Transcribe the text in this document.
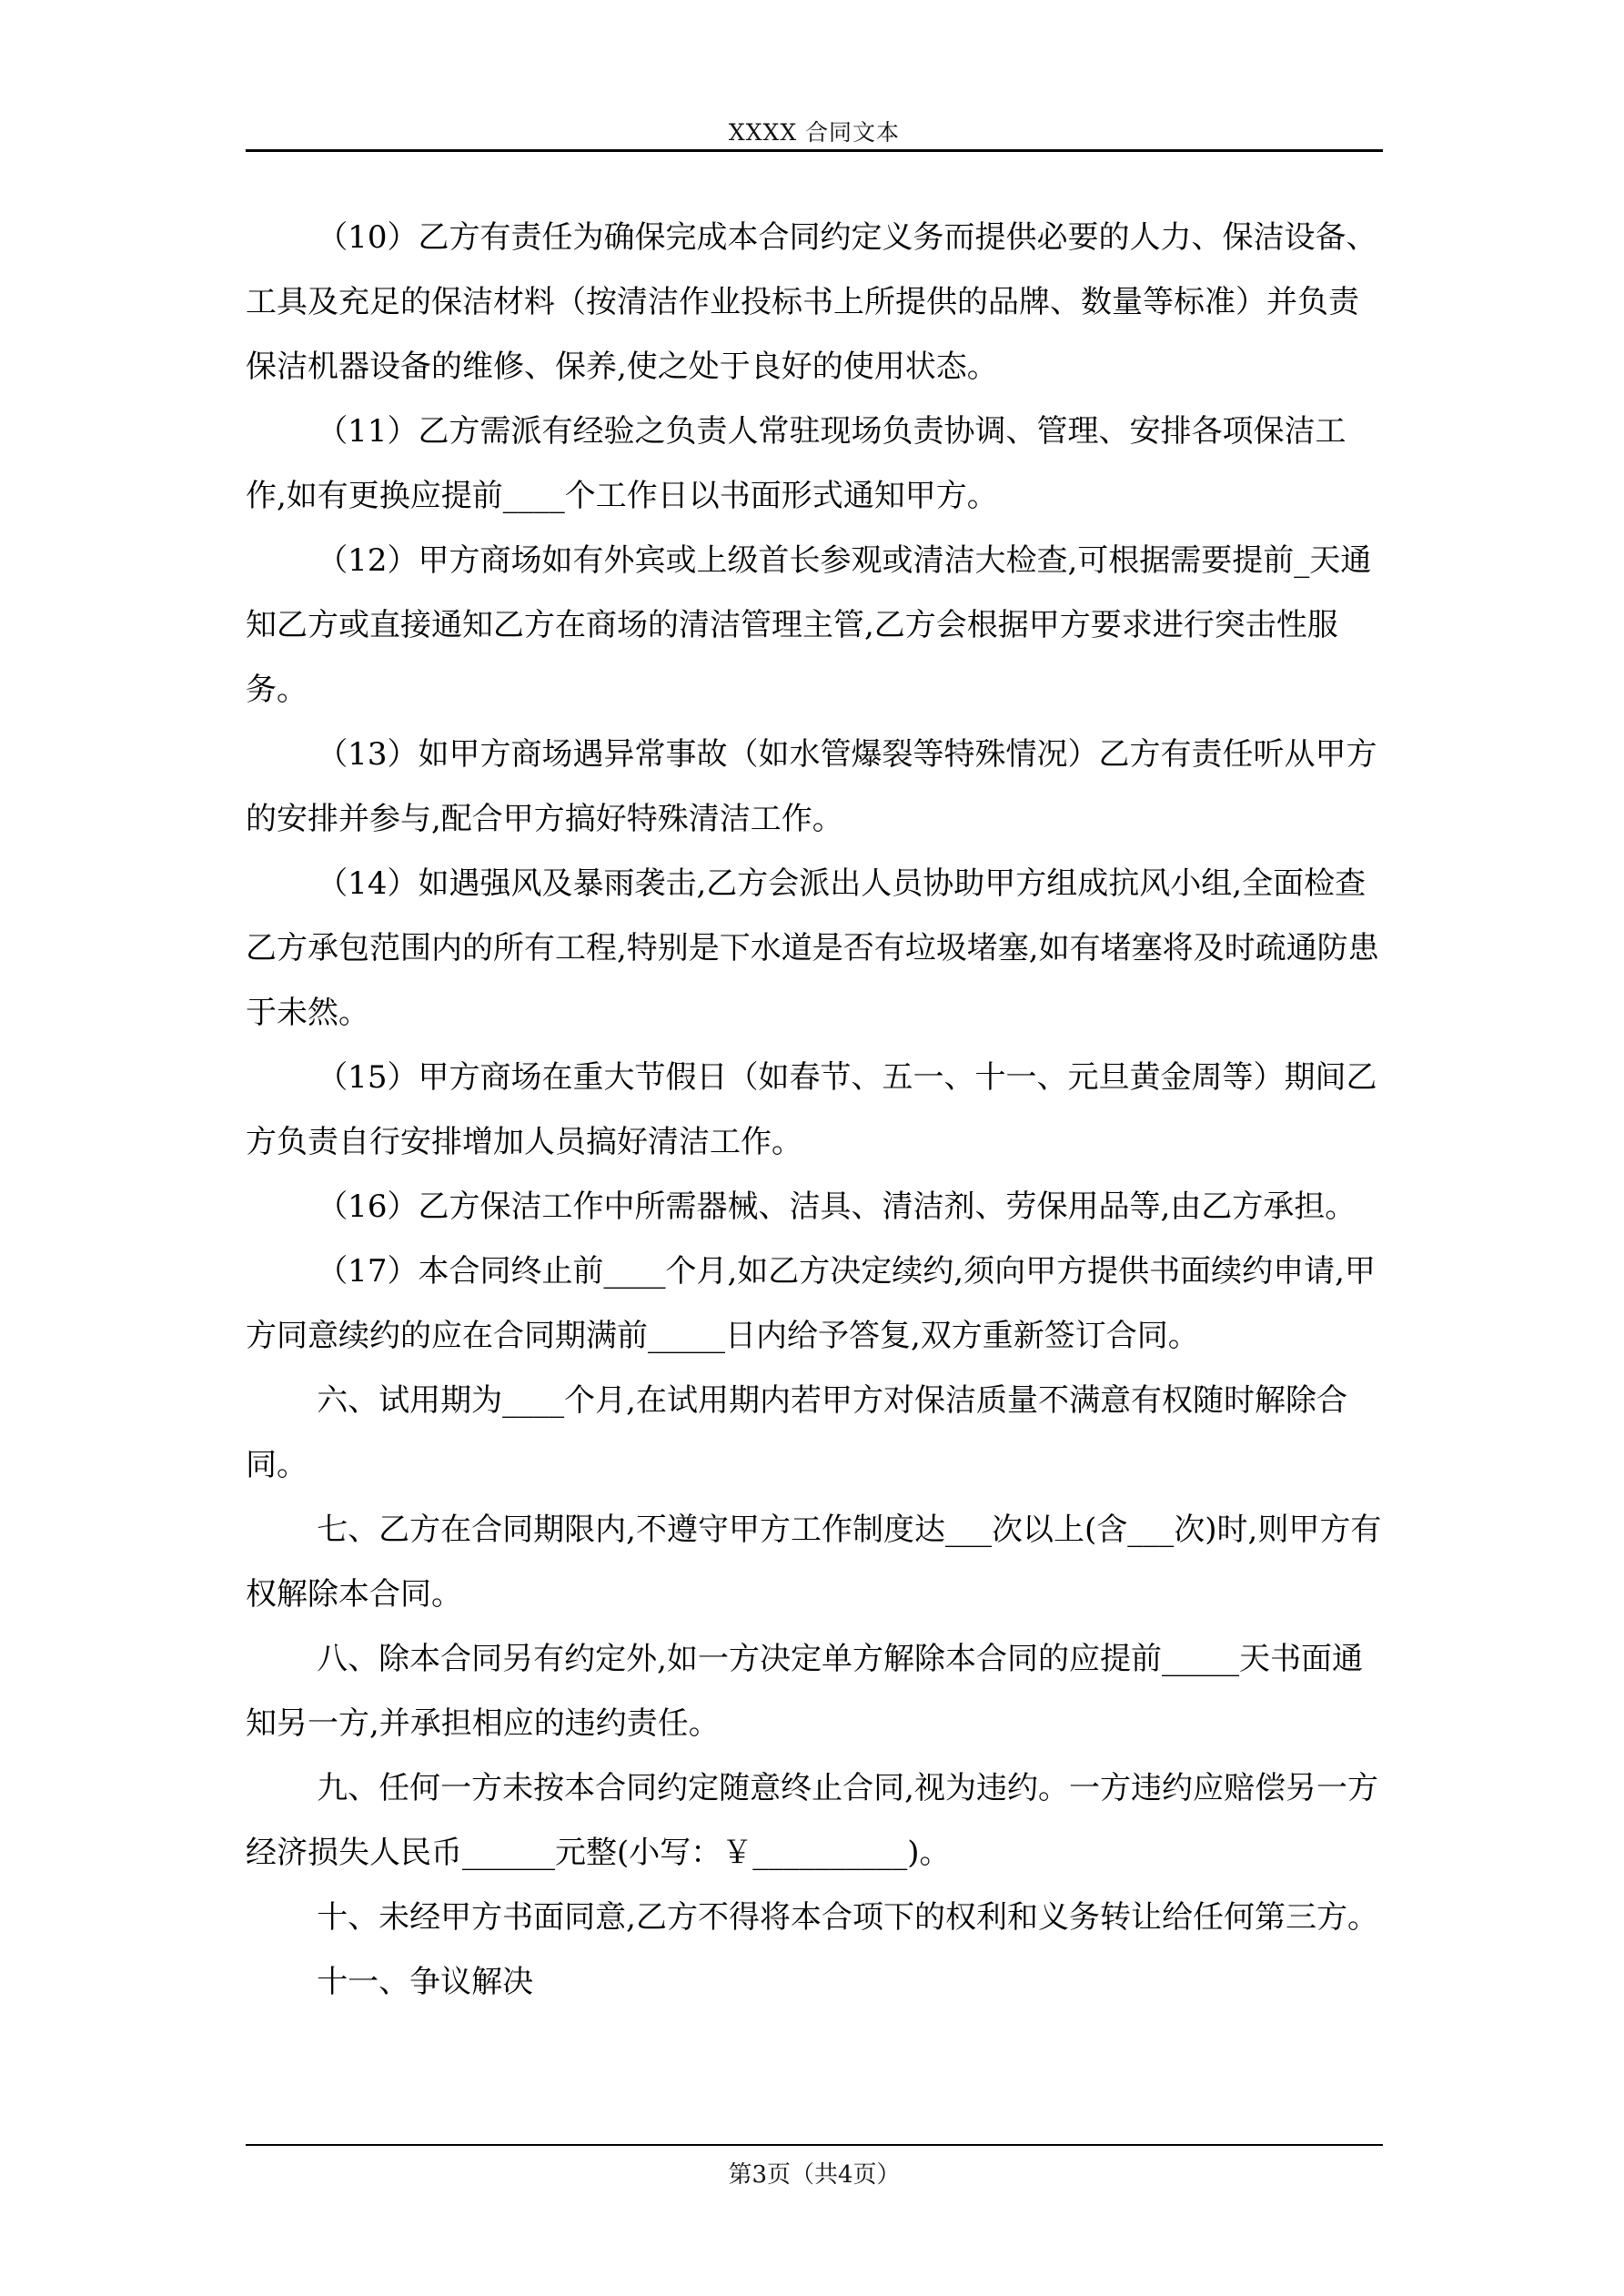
XXXX 合同文本

（10）乙方有责任为确保完成本合同约定义务而提供必要的人力、保洁设备、工具及充足的保洁材料（按清洁作业投标书上所提供的品牌、数量等标准）并负责保洁机器设备的维修、保养,使之处于良好的使用状态。

（11）乙方需派有经验之负责人常驻现场负责协调、管理、安排各项保洁工作,如有更换应提前____个工作日以书面形式通知甲方。

（12）甲方商场如有外宾或上级首长参观或清洁大检查,可根据需要提前_天通知乙方或直接通知乙方在商场的清洁管理主管,乙方会根据甲方要求进行突击性服务。

（13）如甲方商场遇异常事故（如水管爆裂等特殊情况）乙方有责任听从甲方的安排并参与,配合甲方搞好特殊清洁工作。

（14）如遇强风及暴雨袭击,乙方会派出人员协助甲方组成抗风小组,全面检查乙方承包范围内的所有工程,特别是下水道是否有垃圾堵塞,如有堵塞将及时疏通防患于未然。

（15）甲方商场在重大节假日（如春节、五一、十一、元旦黄金周等）期间乙方负责自行安排增加人员搞好清洁工作。

（16）乙方保洁工作中所需器械、洁具、清洁剂、劳保用品等,由乙方承担。

（17）本合同终止前____个月,如乙方决定续约,须向甲方提供书面续约申请,甲方同意续约的应在合同期满前_____日内给予答复,双方重新签订合同。

六、试用期为____个月,在试用期内若甲方对保洁质量不满意有权随时解除合同。

七、乙方在合同期限内,不遵守甲方工作制度达___次以上(含___次)时,则甲方有权解除本合同。

八、除本合同另有约定外,如一方决定单方解除本合同的应提前_____天书面通知另一方,并承担相应的违约责任。

九、任何一方未按本合同约定随意终止合同,视为违约。一方违约应赔偿另一方经济损失人民币______元整(小写：￥__________)。

十、未经甲方书面同意,乙方不得将本合项下的权利和义务转让给任何第三方。

十一、争议解决

第3页（共4页）
